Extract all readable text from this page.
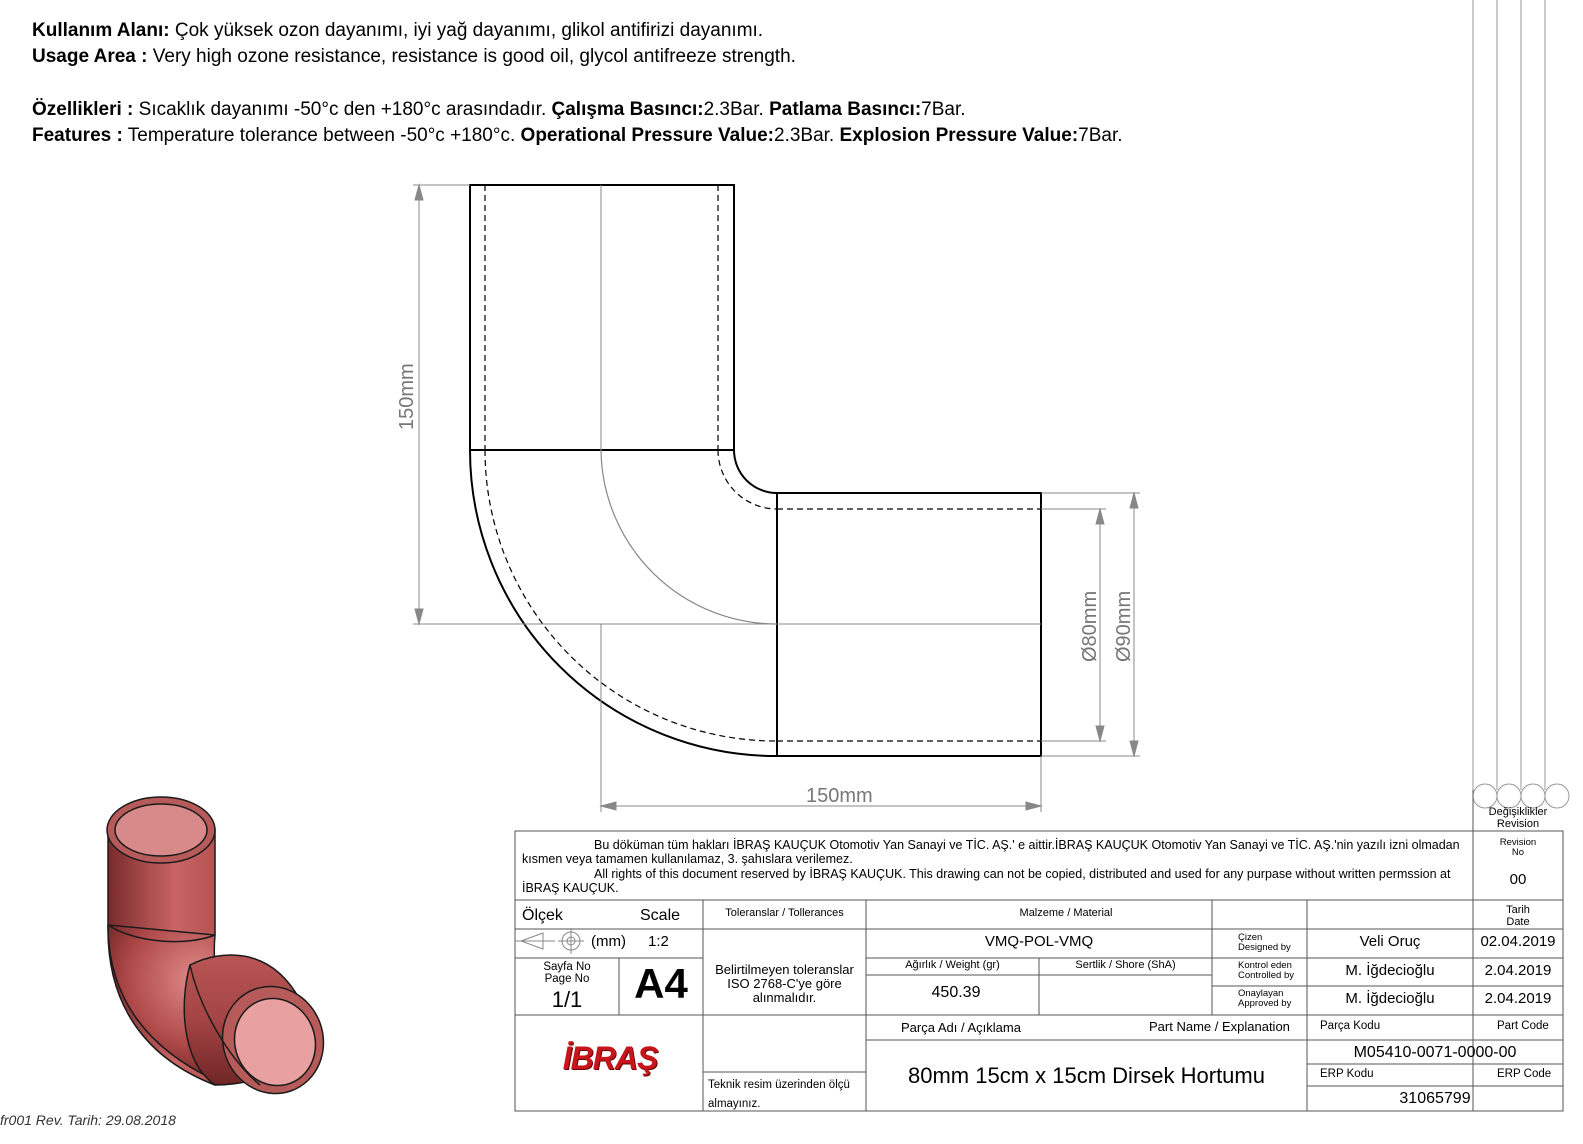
Kullanım Alanı: Çok yüksek ozon dayanımı, iyi yağ dayanımı, glikol antifirizi dayanımı.
Usage Area : Very high ozone resistance, resistance is good oil, glycol antifreeze strength.
Özellikleri : Sıcaklık dayanımı -50°c den +180°c arasındadır. Çalışma Basıncı:2.3Bar. Patlama Basıncı:7Bar.
Features : Temperature tolerance between -50°c +180°c. Operational Pressure Value:2.3Bar. Explosion Pressure Value:7Bar.
150mm
150mm
Ø80mm Ø90mm
Bu döküman tüm hakları İBRAŞ KAUÇUK Otomotiv Yan Sanayi ve TİC. AŞ.' e aittir.İBRAŞ KAUÇUK Otomotiv Yan Sanayi ve TİC. AŞ.'nin yazılı izni olmadan kısmen veya tamamen kullanılamaz, 3. şahıslara verilemez.
All rights of this document reserved by İBRAŞ KAUÇUK. This drawing can not be copied, distributed and used for any purpase without written permssion at İBRAŞ KAUÇUK.
Değişiklikler
Revision
Revision
No
00
Tarih
Date
Ölçek	Scale
(mm) 1:2
Sayfa No
Page No
1/1	A4
İBRAŞ
Toleranslar / Tollerances
Belirtilmeyen toleranslar ISO 2768-C'ye göre alınmalıdır.
Teknik resim üzerinden ölçü almayınız.
Malzeme / Material
VMQ-POL-VMQ
Ağırlık / Weight (gr)	Sertlik / Shore (ShA)
450.39
Çizen
Designed by	Veli Oruç	02.04.2019
Kontrol eden
Controlled by	M. İğdecioğlu	2.04.2019
Onaylayan
Approved by	M. İğdecioğlu	2.04.2019
Parça Adı / Açıklama	Part Name / Explanation
80mm 15cm x 15cm Dirsek Hortumu
Parça Kodu	Part Code
M05410-0071-0000-00
ERP Kodu	ERP Code
31065799
fr001 Rev. Tarih: 29.08.2018
